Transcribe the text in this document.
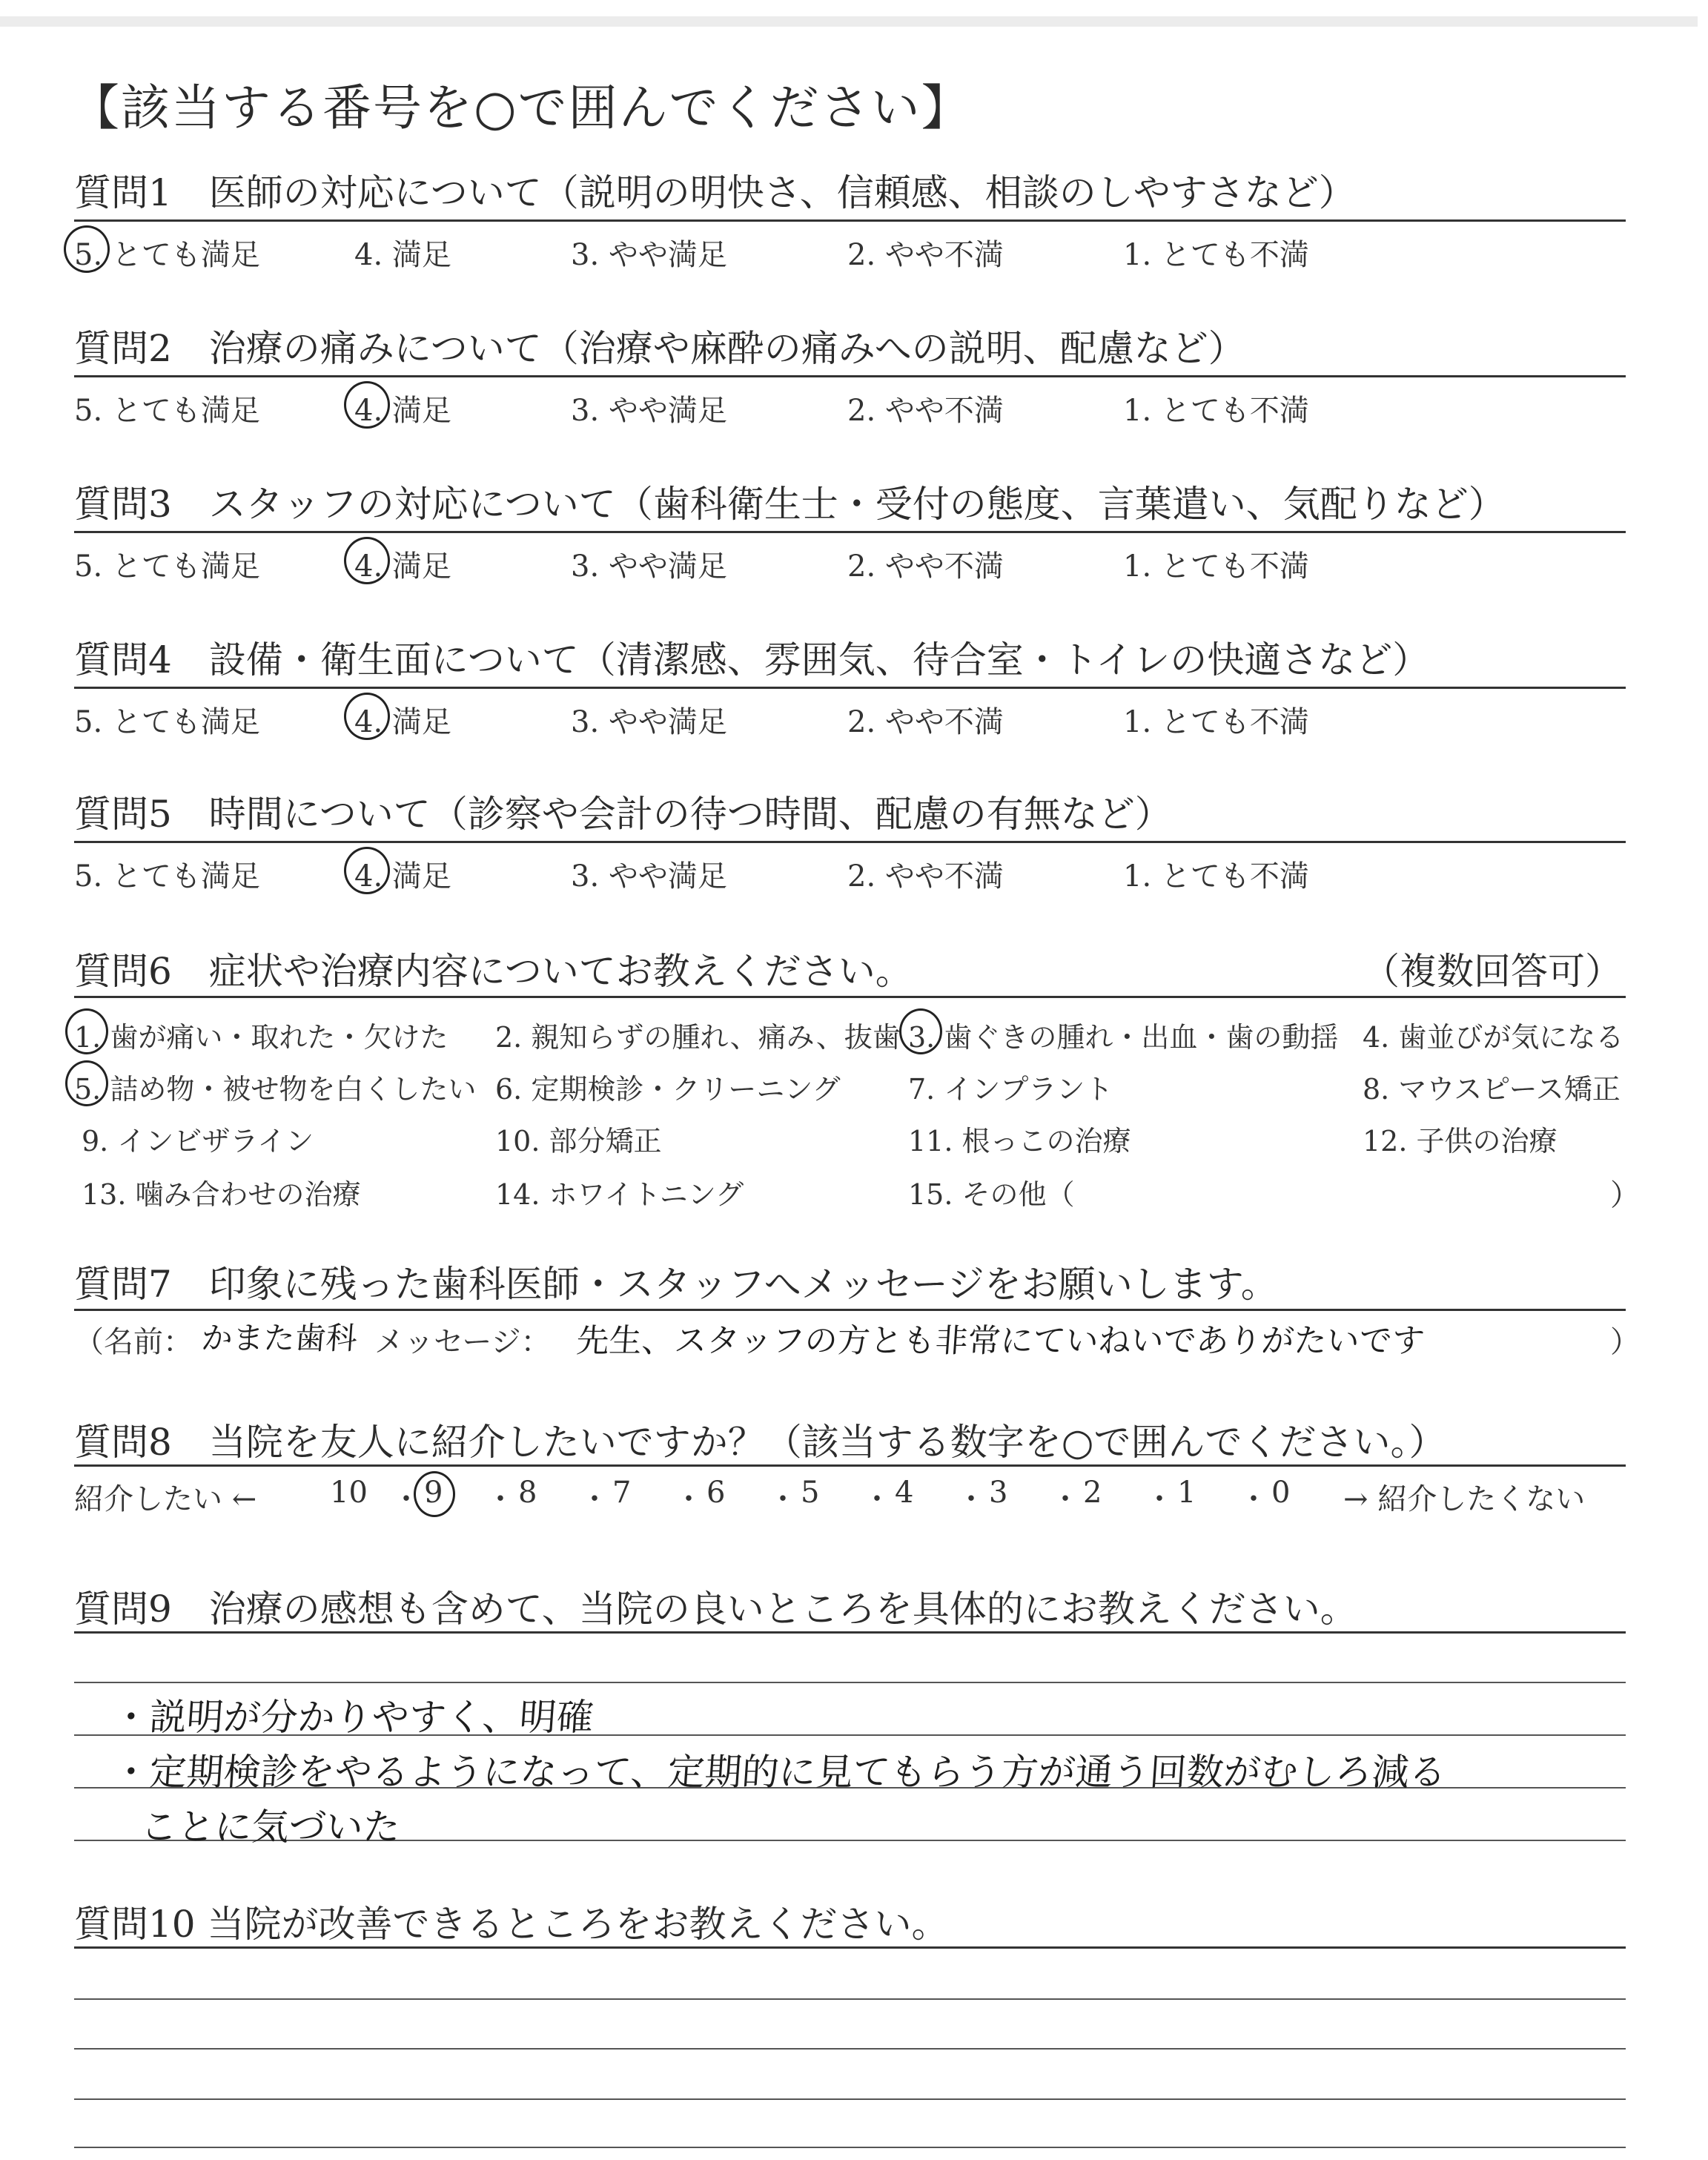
【該当する番号を○で囲んでください】
質問1　医師の対応について（説明の明快さ、信頼感、相談のしやすさなど）
5. とても満足	4. 満足	3. やや満足	2. やや不満	1. とても不満
質問2　治療の痛みについて（治療や麻酔の痛みへの説明、配慮など）
5. とても満足	4. 満足	3. やや満足	2. やや不満	1. とても不満
質問3　スタッフの対応について（歯科衛生士・受付の態度、言葉遣い、気配りなど）
5. とても満足	4. 満足	3. やや満足	2. やや不満	1. とても不満
質問4　設備・衛生面について（清潔感、雰囲気、待合室・トイレの快適さなど）
5. とても満足	4. 満足	3. やや満足	2. やや不満	1. とても不満
質問5　時間について（診察や会計の待つ時間、配慮の有無など）
5. とても満足	4. 満足	3. やや満足	2. やや不満	1. とても不満
質問6　症状や治療内容についてお教えください。	（複数回答可）
1. 歯が痛い・取れた・欠けた 2. 親知らずの腫れ、痛み、抜歯 3. 歯ぐきの腫れ・出血・歯の動揺 4. 歯並びが気になる
5. 詰め物・被せ物を白くしたい 6. 定期検診・クリーニング 7. インプラント	8. マウスピース矯正
9. インビザライン	10. 部分矯正	11. 根っこの治療	12. 子供の治療
13. 噛み合わせの治療	14. ホワイトニング	15. その他（	）
質問7　印象に残った歯科医師・スタッフへメッセージをお願いします。
（名前： かまた歯科 メッセージ： 先生、スタッフの方とも非常にていねいでありがたいです	）
質問8　当院を友人に紹介したいですか？（該当する数字を○で囲んでください。）
紹介したい ← 10 ・ 9 ・ 8 ・ 7 ・ 6 ・ 5 ・ 4 ・ 3 ・ 2 ・ 1 ・ 0 → 紹介したくない
質問9　治療の感想も含めて、当院の良いところを具体的にお教えください。
・説明が分かりやすく、明確
・定期検診をやるようになって、定期的に見てもらう方が通う回数がむしろ減る
ことに気づいた
質問10 当院が改善できるところをお教えください。
